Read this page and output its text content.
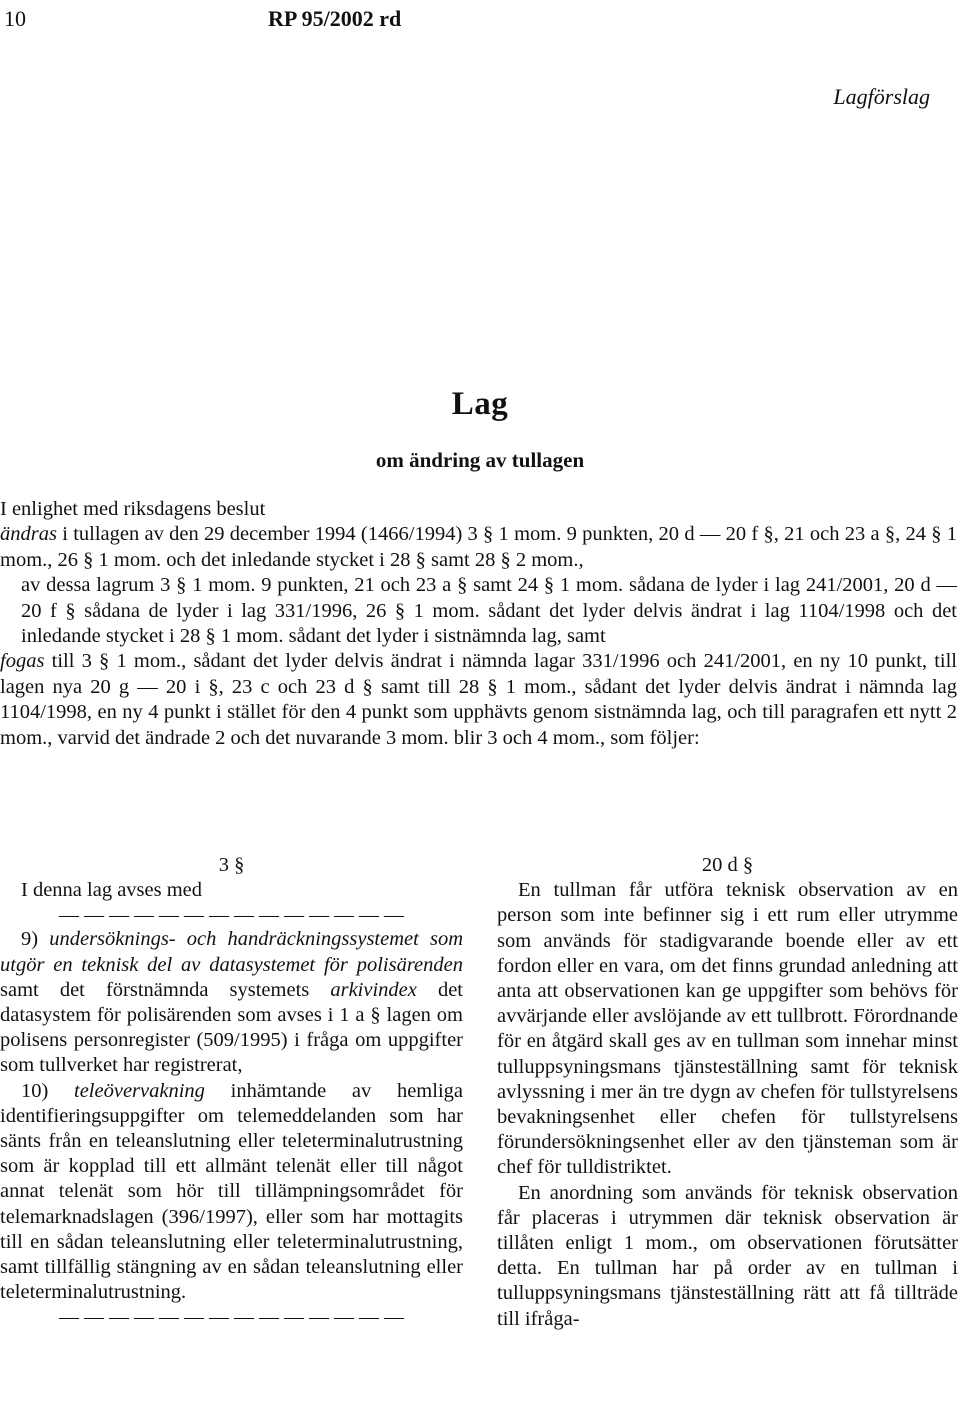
10	RP 95/2002 rd
Lagförslag
Lag
om ändring av tullagen

I enlighet med riksdagens beslut

ändras i tullagen av den 29 december 1994 (1466/1994) 3 § 1 mom. 9 punkten, 20 d — 20 f §, 21 och 23 a §, 24 § 1 mom., 26 § 1 mom. och det inledande stycket i 28 § samt 28 § 2 mom.,

av dessa lagrum 3 § 1 mom. 9 punkten, 21 och 23 a § samt 24 § 1 mom. sådana de lyder i lag 241/2001, 20 d — 20 f § sådana de lyder i lag 331/1996, 26 § 1 mom. sådant det lyder delvis ändrat i lag 1104/1998 och det inledande stycket i 28 § 1 mom. sådant det lyder i sistnämnda lag, samt

fogas till 3 § 1 mom., sådant det lyder delvis ändrat i nämnda lagar 331/1996 och 241/2001, en ny 10 punkt, till lagen nya 20 g — 20 i §, 23 c och 23 d § samt till 28 § 1 mom., sådant det lyder delvis ändrat i nämnda lag 1104/1998, en ny 4 punkt i stället för den 4 punkt som upphävts genom sistnämnda lag, och till paragrafen ett nytt 2 mom., varvid det ändrade 2 och det nuvarande 3 mom. blir 3 och 4 mom., som följer:

3 §

I denna lag avses med

— — — — — — — — — — — — — —

9) undersöknings- och handräckningssystemet som utgör en teknisk del av datasystemet för polisärenden samt det förstnämnda systemets arkivindex det datasystem för polisärenden som avses i 1 a § lagen om polisens personregister (509/1995) i fråga om uppgifter som tullverket har registrerat,

10) teleövervakning inhämtande av hemliga identifieringsuppgifter om telemeddelanden som har sänts från en teleanslutning eller teleterminalutrustning som är kopplad till ett allmänt telenät eller till något annat telenät som hör till tillämpningsområdet för telemarknadslagen (396/1997), eller som har mottagits till en sådan teleanslutning eller teleterminalutrustning, samt tillfällig stängning av en sådan teleanslutning eller teleterminalutrustning.

— — — — — — — — — — — — — —

20 d §

En tullman får utföra teknisk observation av en person som inte befinner sig i ett rum eller utrymme som används för stadigvarande boende eller av ett fordon eller en vara, om det finns grundad anledning att anta att observationen kan ge uppgifter som behövs för avvärjande eller avslöjande av ett tullbrott. Förordnande för en åtgärd skall ges av en tullman som innehar minst tulluppsyningsmans tjänsteställning samt för teknisk avlyssning i mer än tre dygn av chefen för tullstyrelsens bevakningsenhet eller chefen för tullstyrelsens förundersökningsenhet eller av den tjänsteman som är chef för tulldistriktet.

En anordning som används för teknisk observation får placeras i utrymmen där teknisk observation är tillåten enligt 1 mom., om observationen förutsätter detta. En tullman har på order av en tullman i tulluppsyningsmans tjänsteställning rätt att få tillträde till ifråga-
